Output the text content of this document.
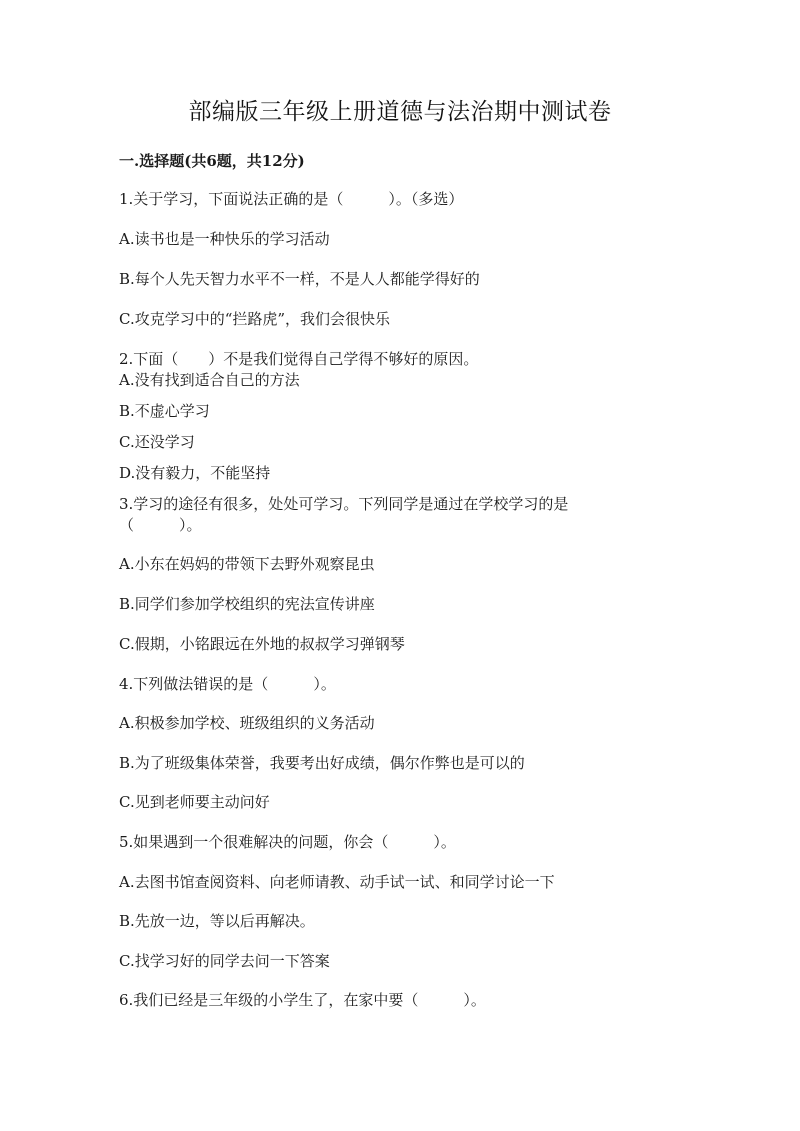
部编版三年级上册道德与法治期中测试卷
一.选择题(共6题，共12分)
1.关于学习，下面说法正确的是（　　　）。（多选）
A.读书也是一种快乐的学习活动
B.每个人先天智力水平不一样，不是人人都能学得好的
C.攻克学习中的“拦路虎”，我们会很快乐
2.下面（　　）不是我们觉得自己学得不够好的原因。
A.没有找到适合自己的方法
B.不虚心学习
C.还没学习
D.没有毅力，不能坚持
3.学习的途径有很多，处处可学习。下列同学是通过在学校学习的是
（　　　）。
A.小东在妈妈的带领下去野外观察昆虫
B.同学们参加学校组织的宪法宣传讲座
C.假期，小铭跟远在外地的叔叔学习弹钢琴
4.下列做法错误的是（　　　）。
A.积极参加学校、班级组织的义务活动
B.为了班级集体荣誉，我要考出好成绩，偶尔作弊也是可以的
C.见到老师要主动问好
5.如果遇到一个很难解决的问题，你会（　　　）。
A.去图书馆查阅资料、向老师请教、动手试一试、和同学讨论一下
B.先放一边，等以后再解决。
C.找学习好的同学去问一下答案
6.我们已经是三年级的小学生了，在家中要（　　　）。
